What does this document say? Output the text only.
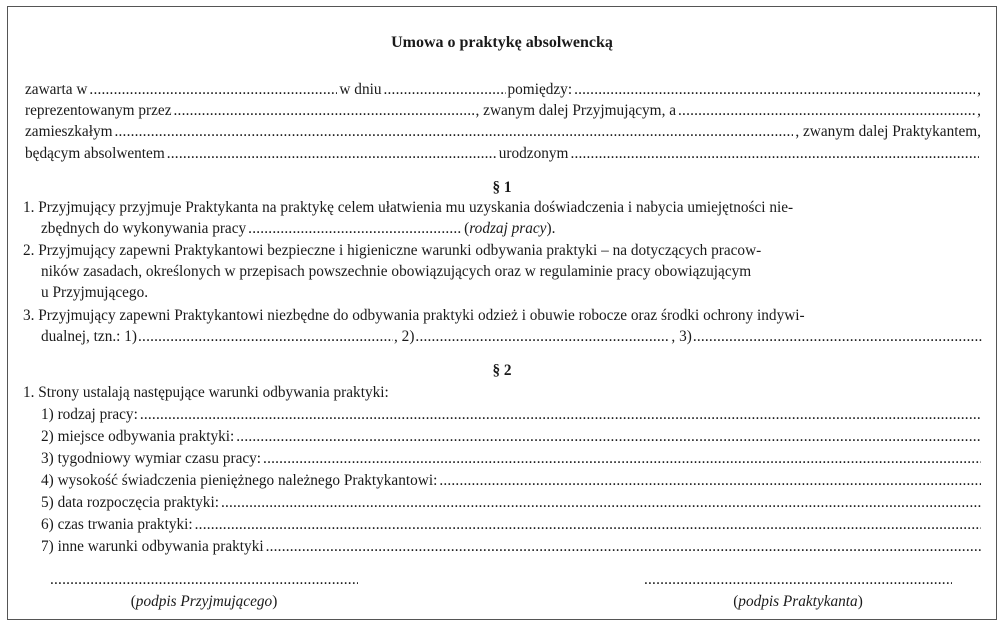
Umowa o praktykę absolwencką
zawarta w .....	w dniu .....	pomiędzy: .....	,
reprezentowanym przez .....	, zwanym dalej Przyjmującym, a .....	,
zamieszkałym .....	, zwanym dalej Praktykantem,
będącym absolwentem .....	urodzonym
.....
§ 1
1. Przyjmujący przyjmuje Praktykanta na praktykę celem ułatwienia mu uzyskania doświadczenia i nabycia umiejętności nie-
zbędnych do wykonywania pracy .....	( rodzaj pracy ).
2. Przyjmujący zapewni Praktykantowi bezpieczne i higieniczne warunki odbywania praktyki – na dotyczących pracow-
ników zasadach, określonych w przepisach powszechnie obowiązujących oraz w regulaminie pracy obowiązującym
u Przyjmującego.
3. Przyjmujący zapewni Praktykantowi niezbędne do odbywania praktyki odzież i obuwie robocze oraz środki ochrony indywi-
dualnej, tzn.: 1) .....	, 2) .....	, 3)
.....
§ 2
1. Strony ustalają następujące warunki odbywania praktyki:
1) rodzaj pracy:
.....
2) miejsce odbywania praktyki:
.....
3) tygodniowy wymiar czasu pracy:
.....
4) wysokość świadczenia pieniężnego należnego Praktykantowi:
.....
5) data rozpoczęcia praktyki:
.....
6) czas trwania praktyki:
.....
7) inne warunki odbywania praktyki
.....
.....
.....
(podpis Przyjmującego)	(podpis Praktykanta)
